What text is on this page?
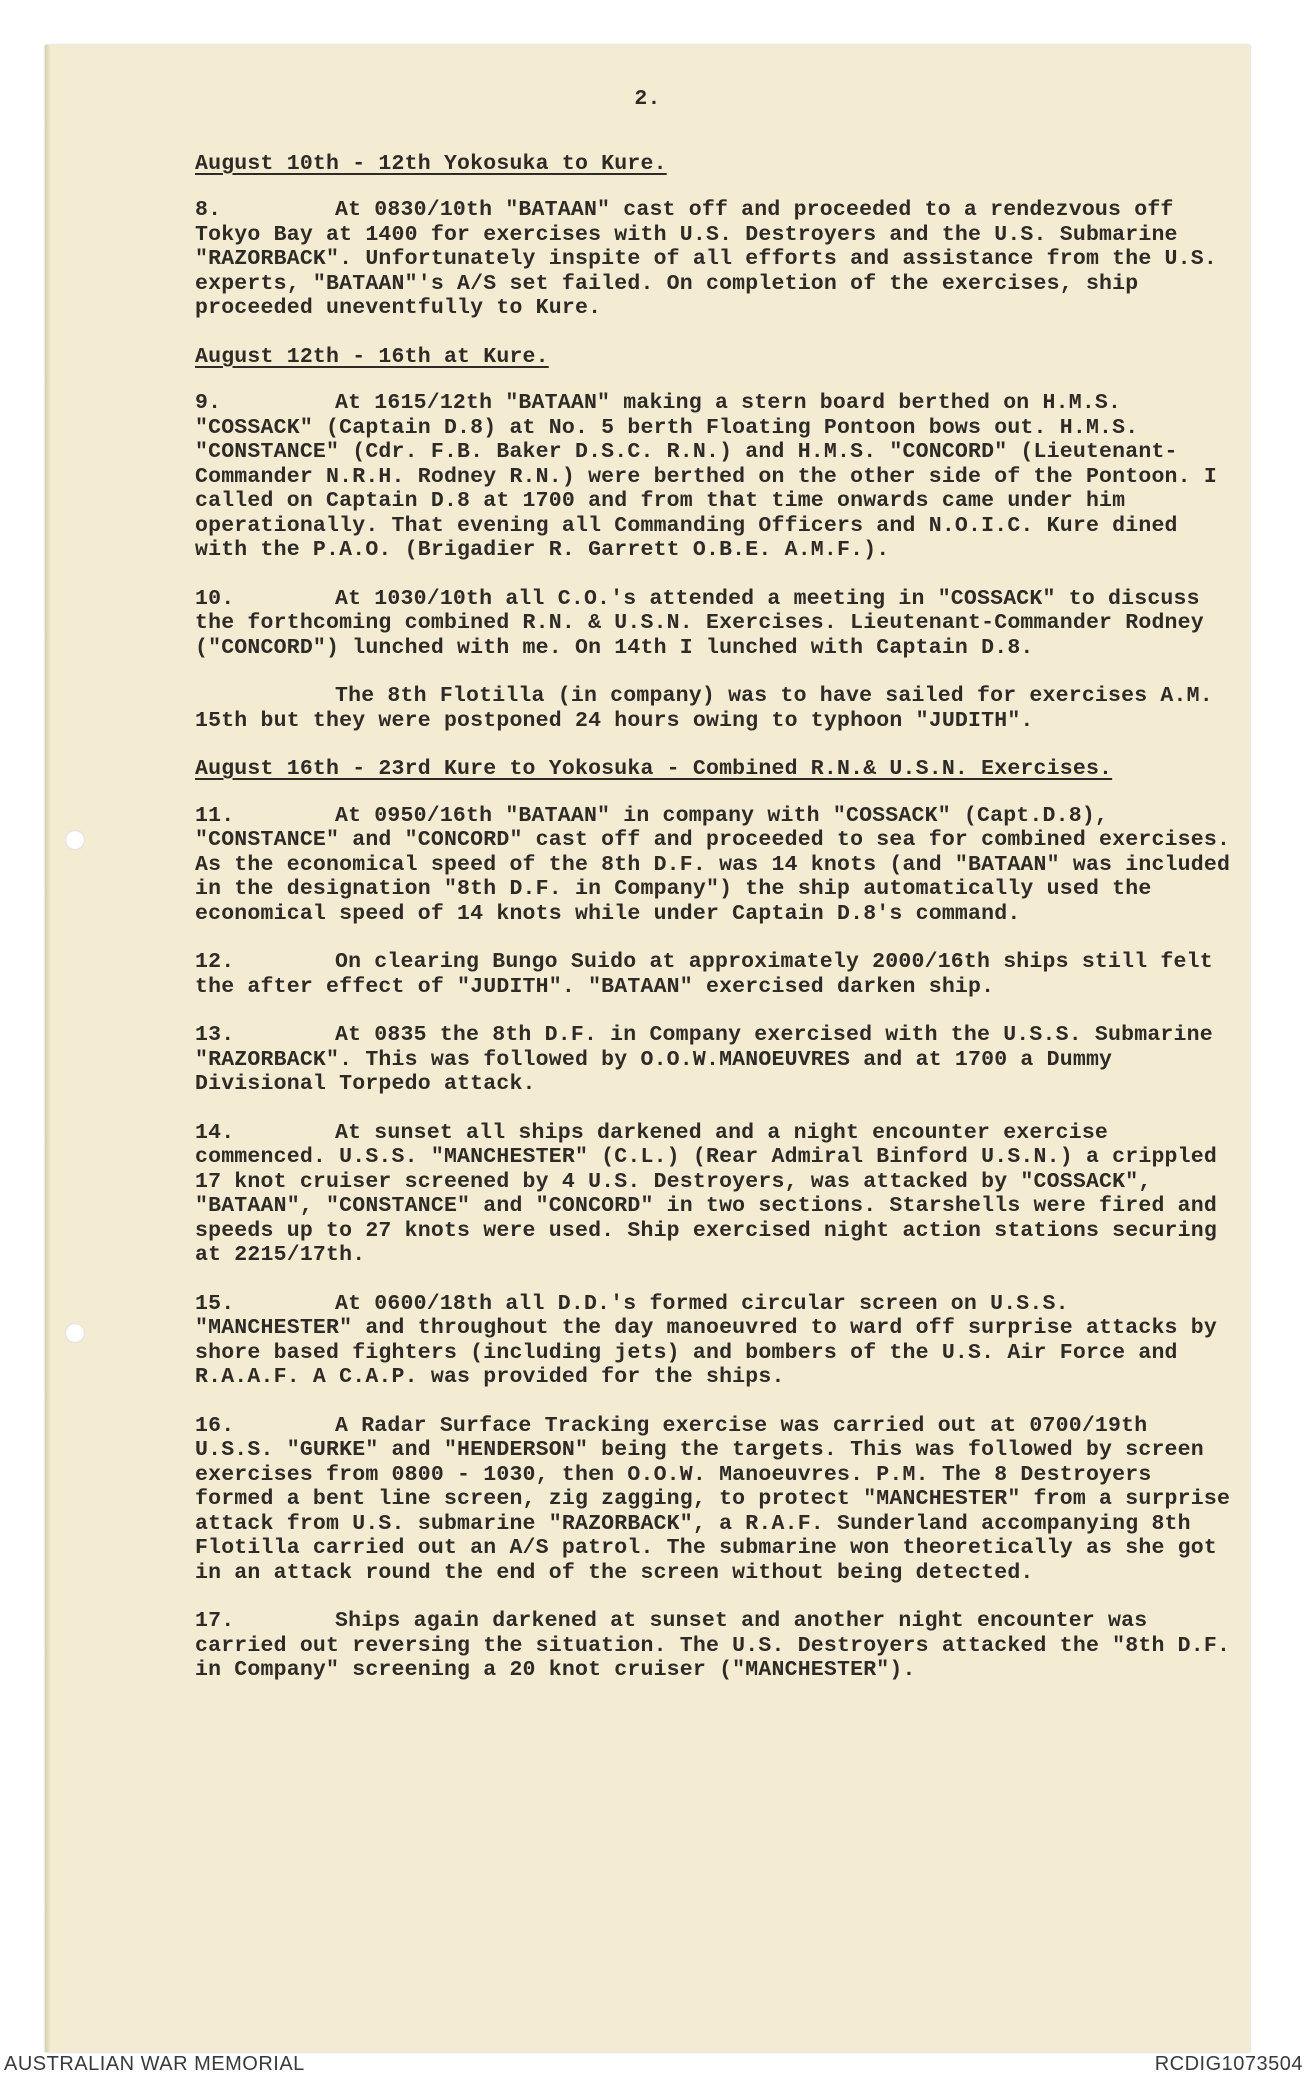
2.
August 10th - 12th Yokosuka to Kure.
8.	At 0830/10th "BATAAN" cast off and proceeded to a rendezvous off Tokyo Bay at 1400 for exercises with U.S. Destroyers and the U.S. Submarine "RAZORBACK". Unfortunately inspite of all efforts and assistance from the U.S. experts, "BATAAN"'s A/S set failed. On completion of the exercises, ship proceeded uneventfully to Kure.
August 12th - 16th at Kure.
9.	At 1615/12th "BATAAN" making a stern board berthed on H.M.S. "COSSACK" (Captain D.8) at No. 5 berth Floating Pontoon bows out. H.M.S. "CONSTANCE" (Cdr. F.B. Baker D.S.C. R.N.) and H.M.S. "CONCORD" (Lieutenant-Commander N.R.H. Rodney R.N.) were berthed on the other side of the Pontoon. I called on Captain D.8 at 1700 and from that time onwards came under him operationally. That evening all Commanding Officers and N.O.I.C. Kure dined with the P.A.O. (Brigadier R. Garrett O.B.E. A.M.F.).
10.	At 1030/10th all C.O.'s attended a meeting in "COSSACK" to discuss the forthcoming combined R.N. & U.S.N. Exercises. Lieutenant-Commander Rodney ("CONCORD") lunched with me. On 14th I lunched with Captain D.8.
The 8th Flotilla (in company) was to have sailed for exercises A.M. 15th but they were postponed 24 hours owing to typhoon "JUDITH".
August 16th - 23rd Kure to Yokosuka - Combined R.N.& U.S.N. Exercises.
11.	At 0950/16th "BATAAN" in company with "COSSACK" (Capt.D.8), "CONSTANCE" and "CONCORD" cast off and proceeded to sea for combined exercises. As the economical speed of the 8th D.F. was 14 knots (and "BATAAN" was included in the designation "8th D.F. in Company") the ship automatically used the economical speed of 14 knots while under Captain D.8's command.
12.	On clearing Bungo Suido at approximately 2000/16th ships still felt the after effect of "JUDITH". "BATAAN" exercised darken ship.
13.	At 0835 the 8th D.F. in Company exercised with the U.S.S. Submarine "RAZORBACK". This was followed by O.O.W.MANOEUVRES and at 1700 a Dummy Divisional Torpedo attack.
14.	At sunset all ships darkened and a night encounter exercise commenced. U.S.S. "MANCHESTER" (C.L.) (Rear Admiral Binford U.S.N.) a crippled 17 knot cruiser screened by 4 U.S. Destroyers, was attacked by "COSSACK", "BATAAN", "CONSTANCE" and "CONCORD" in two sections. Starshells were fired and speeds up to 27 knots were used. Ship exercised night action stations securing at 2215/17th.
15.	At 0600/18th all D.D.'s formed circular screen on U.S.S. "MANCHESTER" and throughout the day manoeuvred to ward off surprise attacks by shore based fighters (including jets) and bombers of the U.S. Air Force and R.A.A.F. A C.A.P. was provided for the ships.
16.	A Radar Surface Tracking exercise was carried out at 0700/19th U.S.S. "GURKE" and "HENDERSON" being the targets. This was followed by screen exercises from 0800 - 1030, then O.O.W. Manoeuvres. P.M. The 8 Destroyers formed a bent line screen, zig zagging, to protect "MANCHESTER" from a surprise attack from U.S. submarine "RAZORBACK", a R.A.F. Sunderland accompanying 8th Flotilla carried out an A/S patrol. The submarine won theoretically as she got in an attack round the end of the screen without being detected.
17.	Ships again darkened at sunset and another night encounter was carried out reversing the situation. The U.S. Destroyers attacked the "8th D.F. in Company" screening a 20 knot cruiser ("MANCHESTER").
AUSTRALIAN WAR MEMORIAL	RCDIG1073504
